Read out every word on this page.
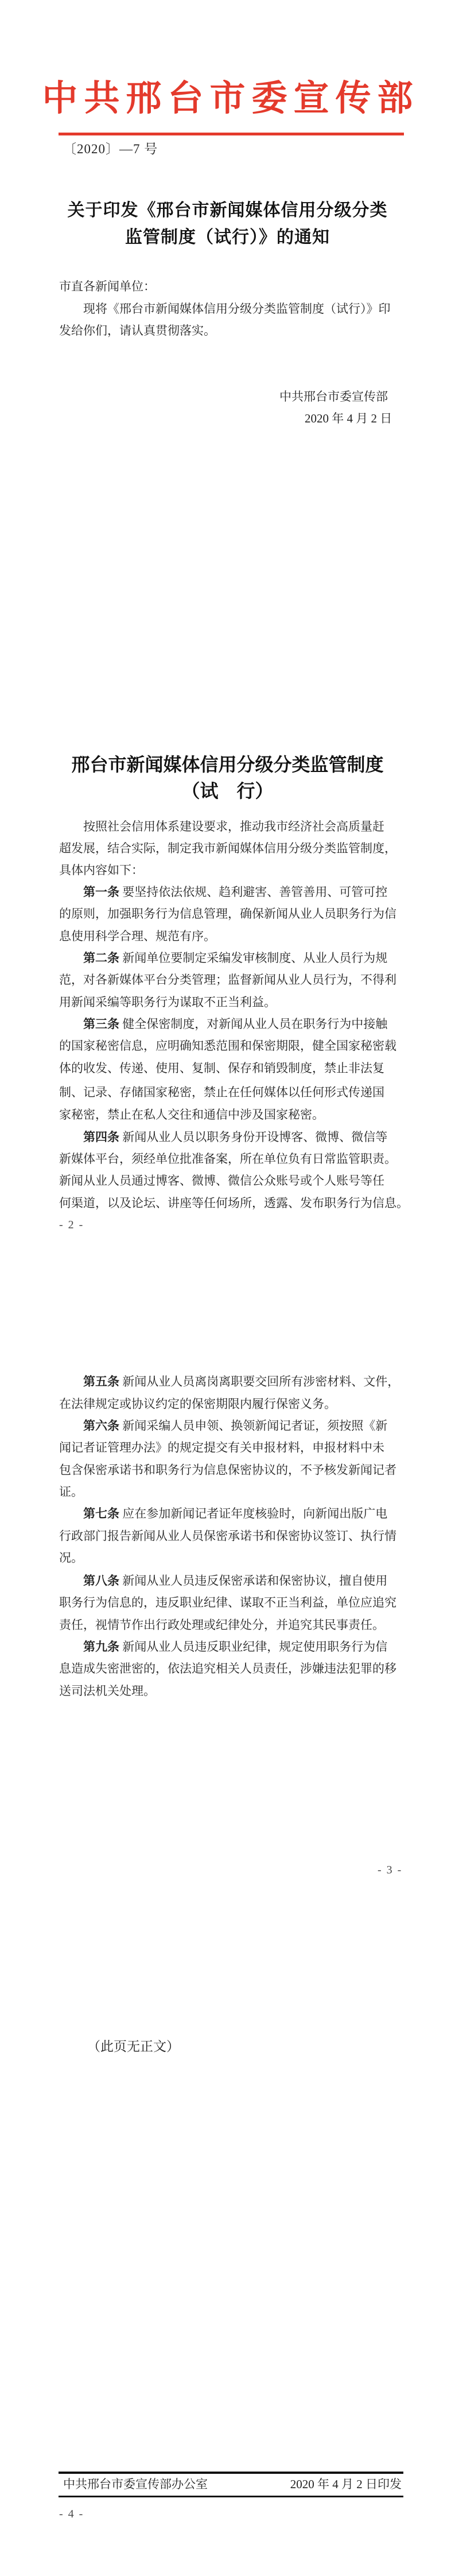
中共邢台市委宣传部
〔2020〕—7 号
关于印发《邢台市新闻媒体信用分级分类
监管制度（试行）》的通知
市直各新闻单位：
现将《邢台市新闻媒体信用分级分类监管制度（试行）》印
发给你们，请认真贯彻落实。
中共邢台市委宣传部
2020 年 4 月 2 日
邢台市新闻媒体信用分级分类监管制度
（试　行）
按照社会信用体系建设要求，推动我市经济社会高质量赶
超发展，结合实际，制定我市新闻媒体信用分级分类监管制度，
具体内容如下：
第一条 要坚持依法依规、趋利避害、善管善用、可管可控
的原则，加强职务行为信息管理，确保新闻从业人员职务行为信
息使用科学合理、规范有序。
第二条 新闻单位要制定采编发审核制度、从业人员行为规
范，对各新媒体平台分类管理；监督新闻从业人员行为，不得利
用新闻采编等职务行为谋取不正当利益。
第三条 健全保密制度，对新闻从业人员在职务行为中接触
的国家秘密信息，应明确知悉范围和保密期限，健全国家秘密载
体的收发、传递、使用、复制、保存和销毁制度，禁止非法复
制、记录、存储国家秘密，禁止在任何媒体以任何形式传递国
家秘密，禁止在私人交往和通信中涉及国家秘密。
第四条 新闻从业人员以职务身份开设博客、微博、微信等
新媒体平台，须经单位批准备案，所在单位负有日常监管职责。
新闻从业人员通过博客、微博、微信公众账号或个人账号等任
何渠道，以及论坛、讲座等任何场所，透露、发布职务行为信息。
- 2 -
第五条 新闻从业人员离岗离职要交回所有涉密材料、文件，
在法律规定或协议约定的保密期限内履行保密义务。
第六条 新闻采编人员申领、换领新闻记者证，须按照《新
闻记者证管理办法》的规定提交有关申报材料，申报材料中未
包含保密承诺书和职务行为信息保密协议的，不予核发新闻记者
证。
第七条 应在参加新闻记者证年度核验时，向新闻出版广电
行政部门报告新闻从业人员保密承诺书和保密协议签订、执行情
况。
第八条 新闻从业人员违反保密承诺和保密协议，擅自使用
职务行为信息的，违反职业纪律、谋取不正当利益，单位应追究
责任，视情节作出行政处理或纪律处分，并追究其民事责任。
第九条 新闻从业人员违反职业纪律，规定使用职务行为信
息造成失密泄密的，依法追究相关人员责任，涉嫌违法犯罪的移
送司法机关处理。
- 3 -
（此页无正文）
中共邢台市委宣传部办公室	2020 年 4 月 2 日印发
- 4 -
